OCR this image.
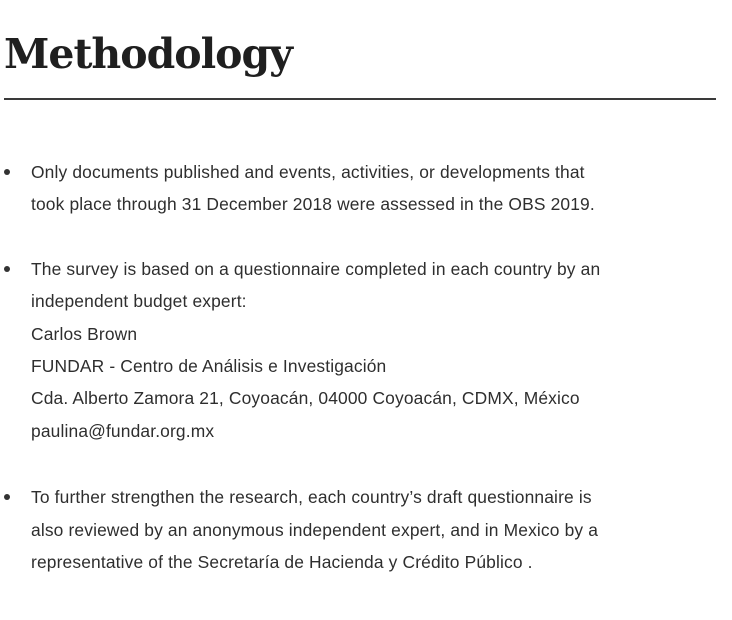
Methodology
Only documents published and events, activities, or developments that
took place through 31 December 2018 were assessed in the OBS 2019.
The survey is based on a questionnaire completed in each country by an
independent budget expert:
Carlos Brown
FUNDAR - Centro de Análisis e Investigación
Cda. Alberto Zamora 21, Coyoacán, 04000 Coyoacán, CDMX, México
paulina@fundar.org.mx
To further strengthen the research, each country’s draft questionnaire is
also reviewed by an anonymous independent expert, and in Mexico by a
representative of the Secretaría de Hacienda y Crédito Público .
